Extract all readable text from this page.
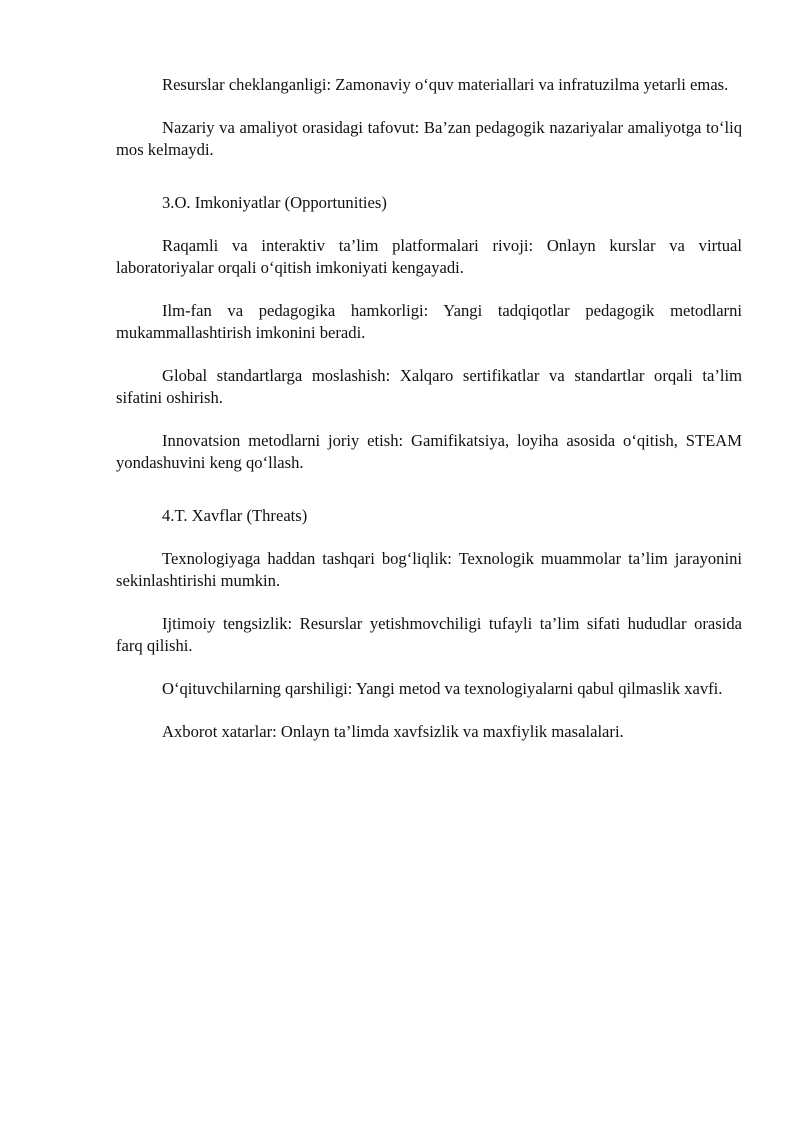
Resurslar cheklanganligi: Zamonaviy o‘quv materiallari va infratuzilma yetarli emas.

Nazariy va amaliyot orasidagi tafovut: Ba’zan pedagogik nazariyalar amaliyotga to‘liq mos kelmaydi.

3.O. Imkoniyatlar (Opportunities)

Raqamli va interaktiv ta’lim platformalari rivoji: Onlayn kurslar va virtual laboratoriyalar orqali o‘qitish imkoniyati kengayadi.

Ilm-fan va pedagogika hamkorligi: Yangi tadqiqotlar pedagogik metodlarni mukammallashtirish imkonini beradi.

Global standartlarga moslashish: Xalqaro sertifikatlar va standartlar orqali ta’lim sifatini oshirish.

Innovatsion metodlarni joriy etish: Gamifikatsiya, loyiha asosida o‘qitish, STEAM yondashuvini keng qo‘llash.

4.T. Xavflar (Threats)

Texnologiyaga haddan tashqari bog‘liqlik: Texnologik muammolar ta’lim jarayonini sekinlashtirishi mumkin.

Ijtimoiy tengsizlik: Resurslar yetishmovchiligi tufayli ta’lim sifati hududlar orasida farq qilishi.

O‘qituvchilarning qarshiligi: Yangi metod va texnologiyalarni qabul qilmaslik xavfi.

Axborot xatarlar: Onlayn ta’limda xavfsizlik va maxfiylik masalalari.
